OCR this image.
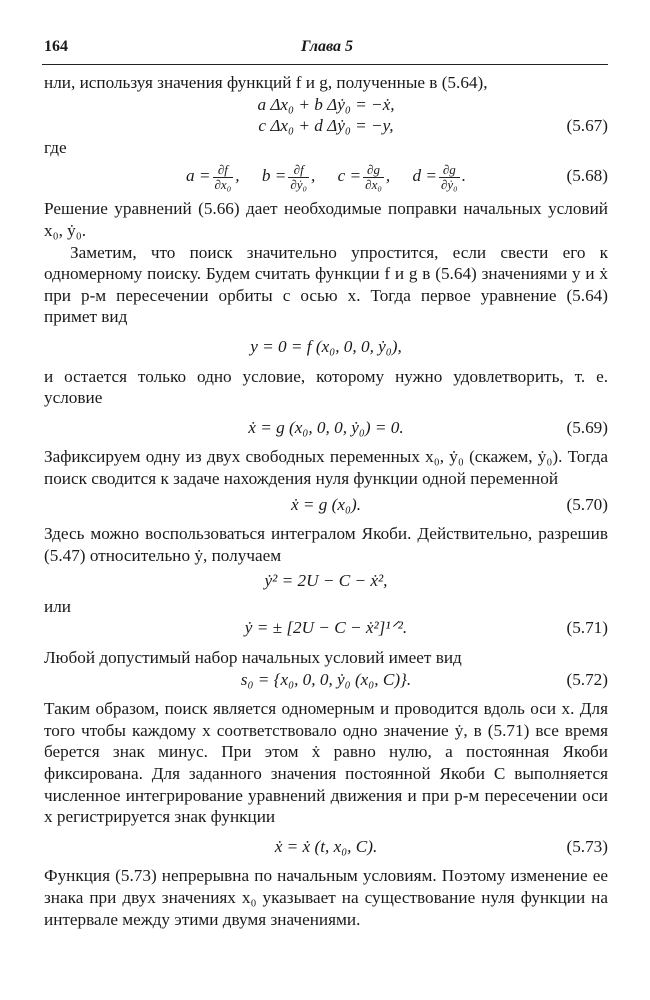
164	Глава 5

нли, используя значения функций f и g, полученные в (5.64),

a Δx₀ + b Δẏ₀ = −ẋ,
c Δx₀ + d Δẏ₀ = −y,	(5.67)

где

$a = \frac{\partial f}{\text{∂x₀}}$ , $b = \frac{\partial f}{\text{∂ẏ₀}}$ , $c = \frac{\partial g}{\text{∂x₀}}$ , $d = \frac{\partial g}{\text{∂ẏ₀}}$ .	(5.68)

Решение уравнений (5.66) дает необходимые поправки начальных условий x₀, ẏ₀.

Заметим, что поиск значительно упростится, если свести его к одномерному поиску. Будем считать функции f и g в (5.64) значениями y и ẋ при p-м пересечении орбиты с осью x. Тогда первое уравнение (5.64) примет вид

y = 0 = f (x₀, 0, 0, ẏ₀),

и остается только одно условие, которому нужно удовлетворить, т. е. условие

ẋ = g (x₀, 0, 0, ẏ₀) = 0.	(5.69)

Зафиксируем одну из двух свободных переменных x₀, ẏ₀ (скажем, ẏ₀). Тогда поиск сводится к задаче нахождения нуля функции одной переменной

ẋ = g (x₀).	(5.70)

Здесь можно воспользоваться интегралом Якоби. Действительно, разрешив (5.47) относительно ẏ, получаем

ẏ² = 2U − C − ẋ²,

или

ẏ = ± [2U − C − ẋ²]¹ᐟ².	(5.71)

Любой допустимый набор начальных условий имеет вид

s₀ = {x₀, 0, 0, ẏ₀ (x₀, C)}.	(5.72)

Таким образом, поиск является одномерным и проводится вдоль оси x. Для того чтобы каждому x соответствовало одно значение ẏ, в (5.71) все время берется знак минус. При этом ẋ равно нулю, а постоянная Якоби фиксирована. Для заданного значения постоянной Якоби C выполняется численное интегрирование уравнений движения и при p-м пересечении оси x регистрируется знак функции

ẋ = ẋ (t, x₀, C).	(5.73)

Функция (5.73) непрерывна по начальным условиям. Поэтому изменение ее знака при двух значениях x₀ указывает на существование нуля функции на интервале между этими двумя значениями.
